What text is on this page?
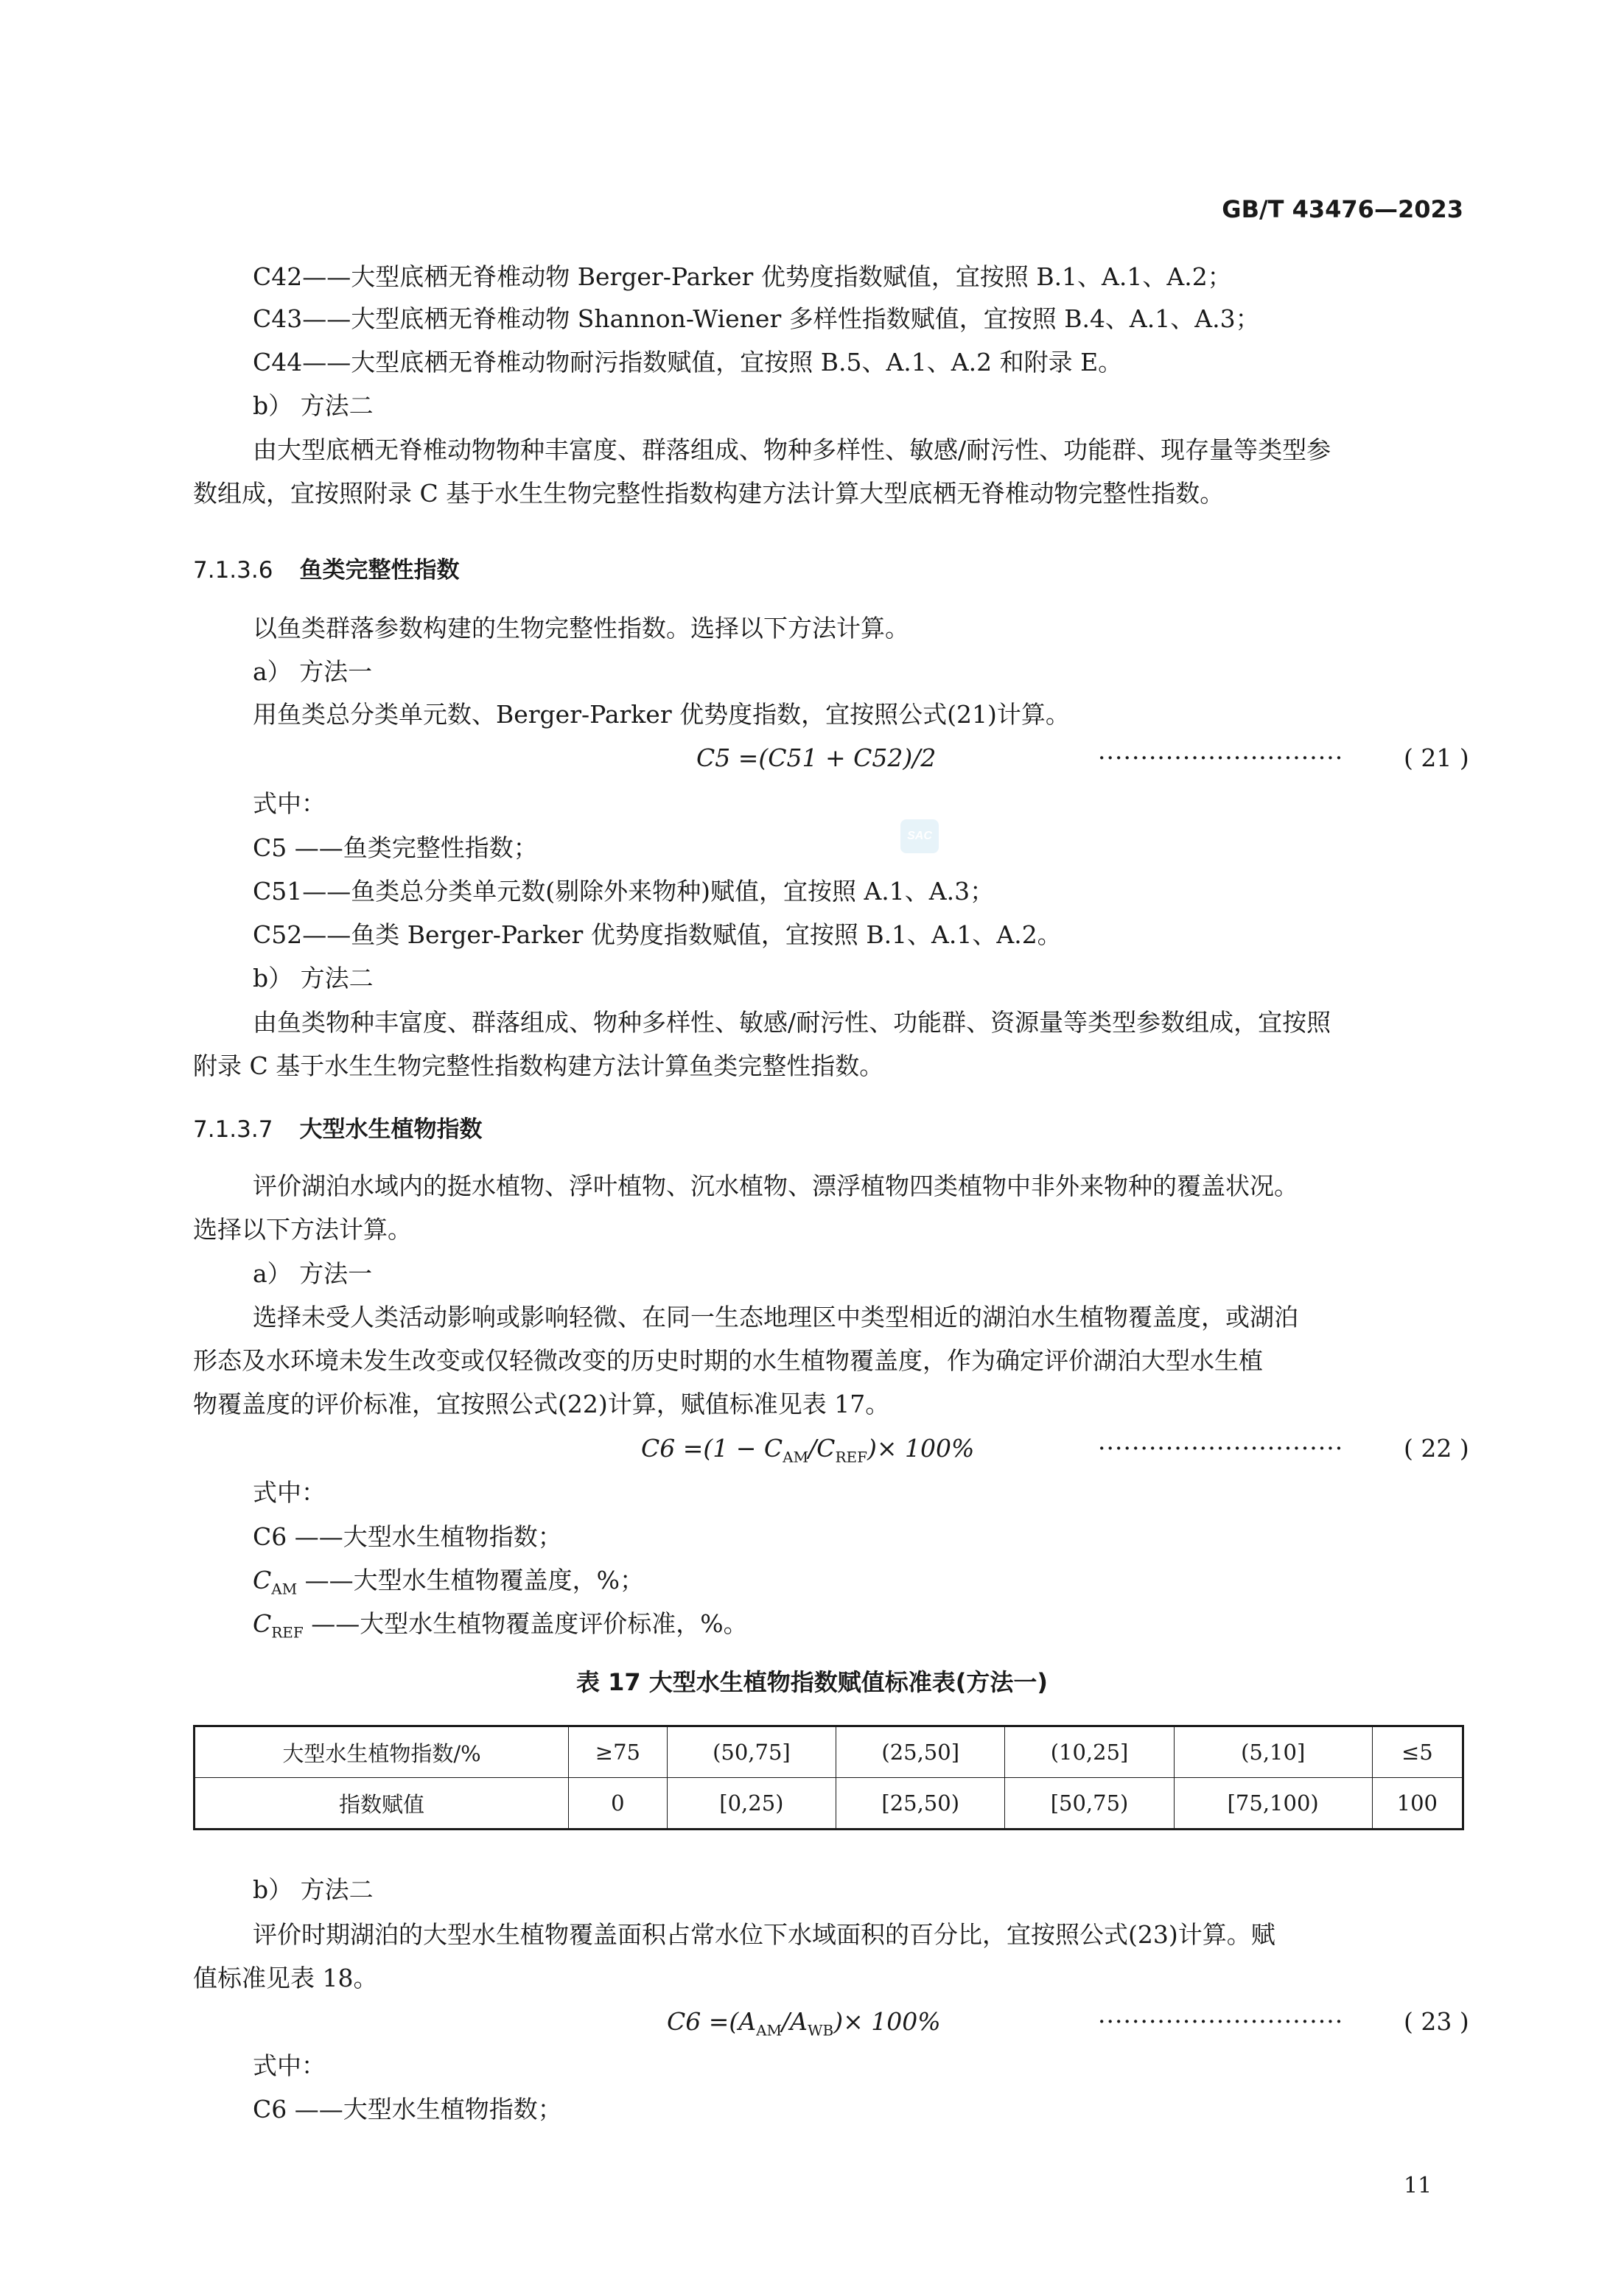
GB/T 43476—2023
C42——大型底栖无脊椎动物 Berger-Parker 优势度指数赋值，宜按照 B.1、A.1、A.2；
C43——大型底栖无脊椎动物 Shannon-Wiener 多样性指数赋值，宜按照 B.4、A.1、A.3；
C44——大型底栖无脊椎动物耐污指数赋值，宜按照 B.5、A.1、A.2 和附录 E。
b） 方法二
由大型底栖无脊椎动物物种丰富度、群落组成、物种多样性、敏感/耐污性、功能群、现存量等类型参
数组成，宜按照附录 C 基于水生生物完整性指数构建方法计算大型底栖无脊椎动物完整性指数。
7.1.3.6 鱼类完整性指数
以鱼类群落参数构建的生物完整性指数。选择以下方法计算。
a） 方法一
用鱼类总分类单元数、Berger-Parker 优势度指数，宜按照公式(21)计算。
C5 =(C51 + C52)/2	····························· ( 21 )
式中：
C5 ——鱼类完整性指数；	SAC
C51——鱼类总分类单元数(剔除外来物种)赋值，宜按照 A.1、A.3；
C52——鱼类 Berger-Parker 优势度指数赋值，宜按照 B.1、A.1、A.2。
b） 方法二
由鱼类物种丰富度、群落组成、物种多样性、敏感/耐污性、功能群、资源量等类型参数组成，宜按照
附录 C 基于水生生物完整性指数构建方法计算鱼类完整性指数。
7.1.3.7 大型水生植物指数
评价湖泊水域内的挺水植物、浮叶植物、沉水植物、漂浮植物四类植物中非外来物种的覆盖状况。
选择以下方法计算。
a） 方法一
选择未受人类活动影响或影响轻微、在同一生态地理区中类型相近的湖泊水生植物覆盖度，或湖泊
形态及水环境未发生改变或仅轻微改变的历史时期的水生植物覆盖度，作为确定评价湖泊大型水生植
物覆盖度的评价标准，宜按照公式(22)计算，赋值标准见表 17。
$C6 =(1 - C_{AM}/C_{REF})\times 100\%$	····························· ( 22 )
式中：
C6 ——大型水生植物指数；
$C_{AM}$ ——大型水生植物覆盖度，%；
$C_{REF}$ ——大型水生植物覆盖度评价标准，%。
表 17 大型水生植物指数赋值标准表(方法一)
大型水生植物指数/%	≥75	(50,75]	(25,50]	(10,25]	(5,10]	≤5
指数赋值	0	[0,25)	[25,50)	[50,75)	[75,100)	100
b） 方法二
评价时期湖泊的大型水生植物覆盖面积占常水位下水域面积的百分比，宜按照公式(23)计算。赋
值标准见表 18。
$C6 =(A_{AM}/A_{WB})\times 100\%$	····························· ( 23 )
式中：
C6 ——大型水生植物指数；
11
